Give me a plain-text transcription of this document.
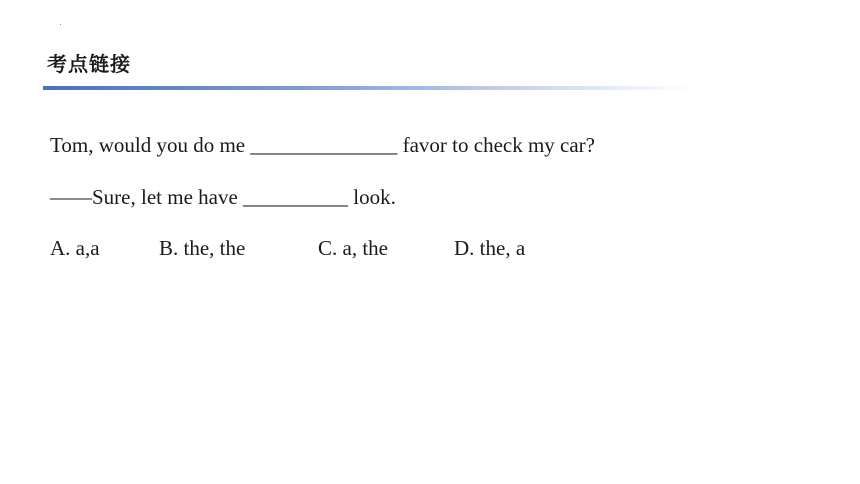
考点链接
Tom, would you do me ______________ favor to check my car?
——Sure, let me have __________ look.
A. a,a	B. the, the	C. a, the	D. the, a
